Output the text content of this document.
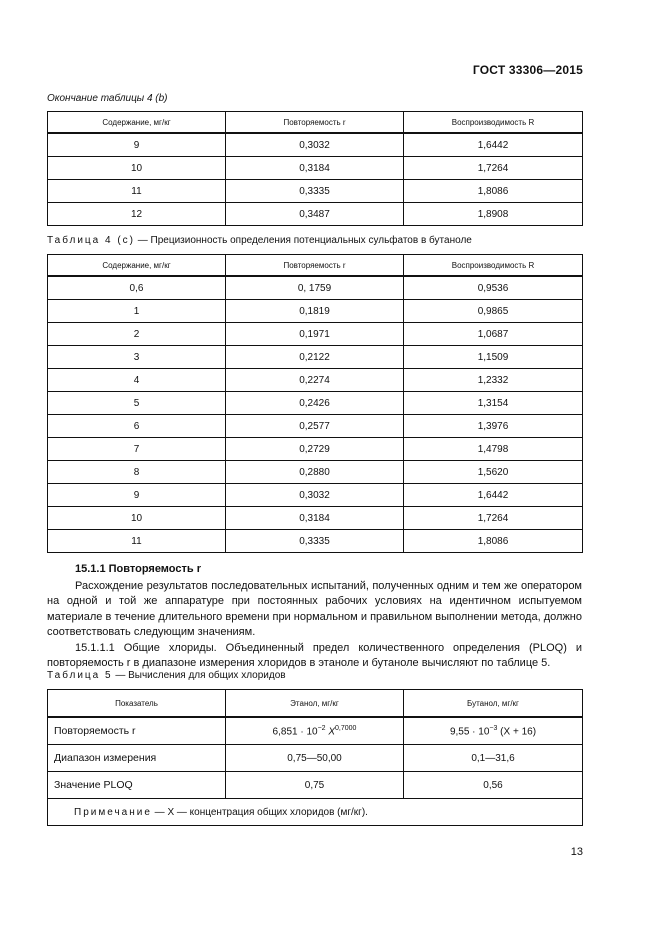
ГОСТ 33306—2015
Окончание таблицы 4 (b)
Содержание, мг/кг	Повторяемость r	Воспроизводимость R
9	0,3032	1,6442
10	0,3184	1,7264
11	0,3335	1,8086
12	0,3487	1,8908
Таблица 4 (с) — Прецизионность определения потенциальных сульфатов в бутаноле
Содержание, мг/кг	Повторяемость r	Воспроизводимость R
0,6	0, 1759	0,9536
1	0,1819	0,9865
2	0,1971	1,0687
3	0,2122	1,1509
4	0,2274	1,2332
5	0,2426	1,3154
6	0,2577	1,3976
7	0,2729	1,4798
8	0,2880	1,5620
9	0,3032	1,6442
10	0,3184	1,7264
11	0,3335	1,8086

15.1.1 Повторяемость r

Расхождение результатов последовательных испытаний, полученных одним и тем же оператором на одной и той же аппаратуре при постоянных рабочих условиях на идентичном испытуемом материале в течение длительного времени при нормальном и правильном выполнении метода, должно соответствовать следующим значениям.

15.1.1.1 Общие хлориды. Объединенный предел количественного определения (PLOQ) и повторяемость r в диапазоне измерения хлоридов в этаноле и бутаноле вычисляют по таблице 5.

Таблица 5 — Вычисления для общих хлоридов
Показатель	Этанол, мг/кг	Бутанол, мг/кг
Повторяемость r	$6,851 \cdot 10^{-2}$ $X^{0,7000}$	$9,55 \cdot 10^{-3}$ (X + 16)
Диапазон измерения	0,75—50,00	0,1—31,6
Значение PLOQ	0,75	0,56
Примечание — X — концентрация общих хлоридов (мг/кг).		
13
